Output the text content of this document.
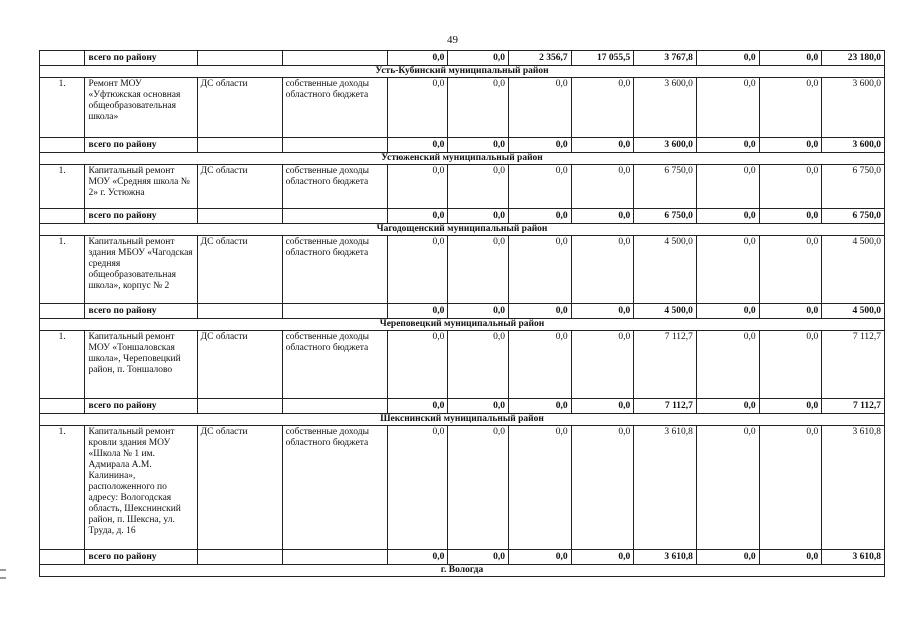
49
	всего по району			0,0	0,0	2 356,7	17 055,5	3 767,8	0,0	0,0	23 180,0
Усть-Кубинский муниципальный район											
1.	Ремонт МОУ «Уфтюжская основная общеобразовательная школа»	ДС области	собственные доходы областного бюджета	0,0	0,0	0,0	0,0	3 600,0	0,0	0,0	3 600,0
	всего по району			0,0	0,0	0,0	0,0	3 600,0	0,0	0,0	3 600,0
Устюженский муниципальный район											
1.	Капитальный ремонт МОУ «Средняя школа № 2» г. Устюжна	ДС области	собственные доходы областного бюджета	0,0	0,0	0,0	0,0	6 750,0	0,0	0,0	6 750,0
	всего по району			0,0	0,0	0,0	0,0	6 750,0	0,0	0,0	6 750,0
Чагодощенский муниципальный район											
1.	Капитальный ремонт здания МБОУ «Чагодская средняя общеобразовательная школа», корпус № 2	ДС области	собственные доходы областного бюджета	0,0	0,0	0,0	0,0	4 500,0	0,0	0,0	4 500,0
	всего по району			0,0	0,0	0,0	0,0	4 500,0	0,0	0,0	4 500,0
Череповецкий муниципальный район											
1.	Капитальный ремонт МОУ «Тоншаловская школа», Череповецкий район, п. Тоншалово	ДС области	собственные доходы областного бюджета	0,0	0,0	0,0	0,0	7 112,7	0,0	0,0	7 112,7
	всего по району			0,0	0,0	0,0	0,0	7 112,7	0,0	0,0	7 112,7
Шекснинский муниципальный район											
1.	Капитальный ремонт кровли здания МОУ «Школа № 1 им. Адмирала А.М. Калинина», расположенного по адресу: Вологодская область, Шекснинский район, п. Шексна, ул. Труда, д. 16	ДС области	собственные доходы областного бюджета	0,0	0,0	0,0	0,0	3 610,8	0,0	0,0	3 610,8
	всего по району			0,0	0,0	0,0	0,0	3 610,8	0,0	0,0	3 610,8
г. Вологда											
